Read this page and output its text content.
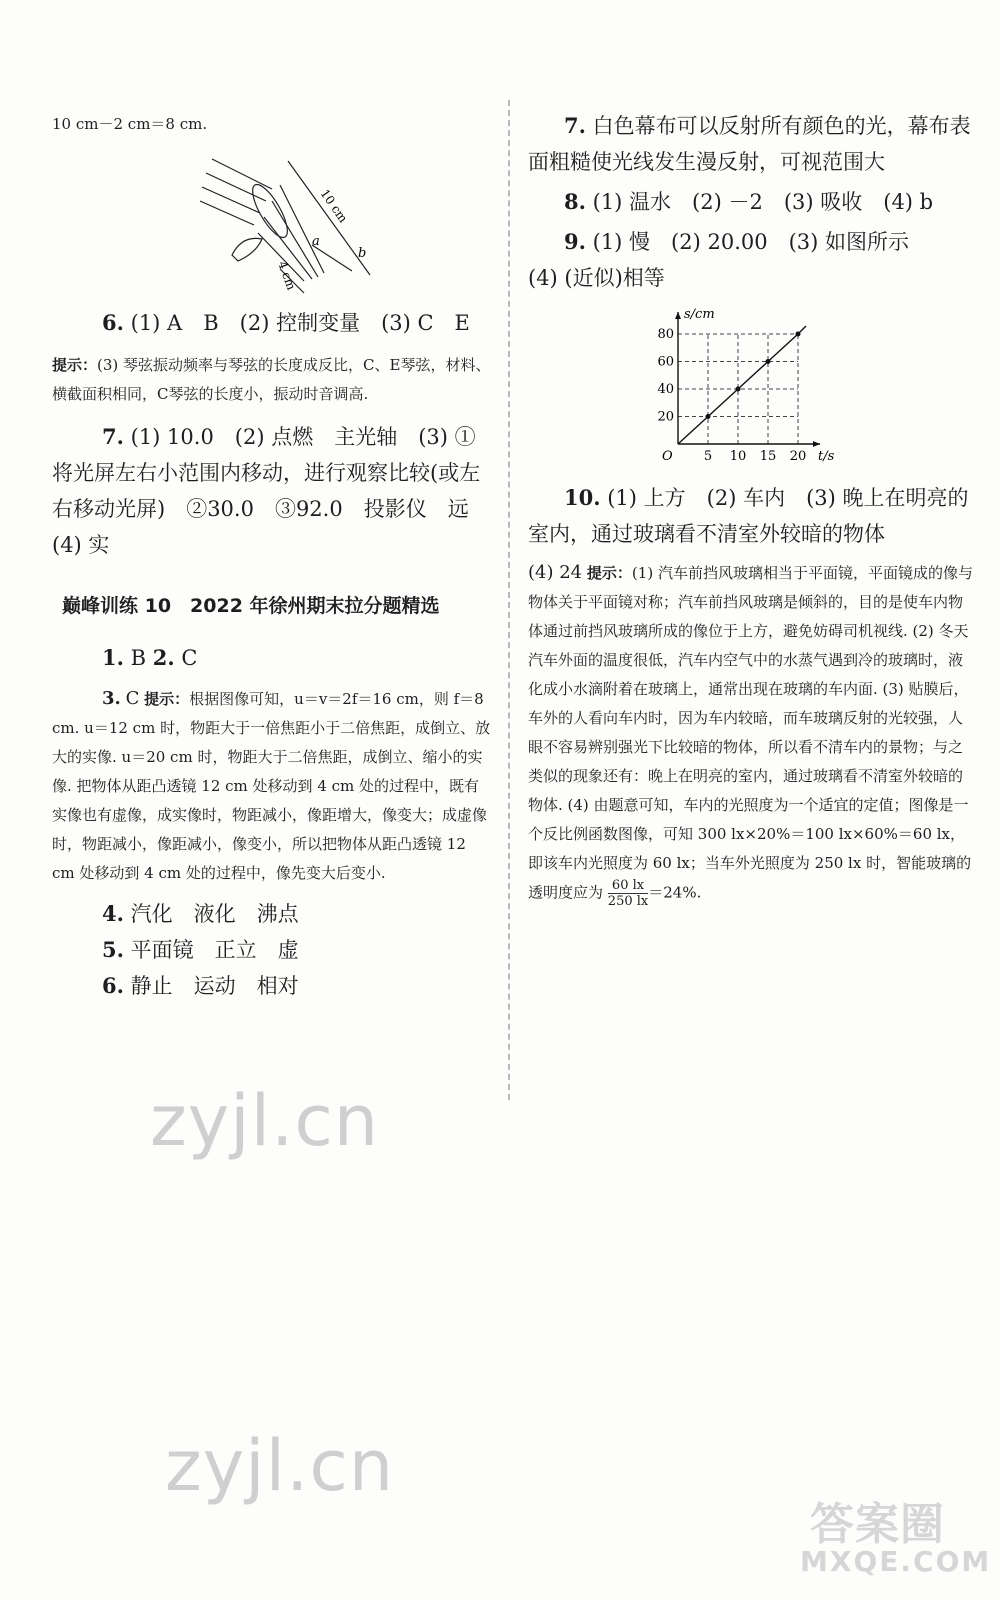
10 cm－2 cm＝8 cm.

10 cm
a
b
4 cm

6. (1) A　B　(2) 控制变量　(3) C　E

提示：(3) 琴弦振动频率与琴弦的长度成反比，C、E琴弦，材料、横截面积相同，C琴弦的长度小，振动时音调高.

7. (1) 10.0　(2) 点燃　主光轴　(3) ①将光屏左右小范围内移动，进行观察比较(或左右移动光屏)　②30.0　③92.0　投影仪　远　(4) 实

巅峰训练 10　2022 年徐州期末拉分题精选

1. B 2. C

3. C 提示：根据图像可知，u＝v＝2f＝16 cm，则 f＝8 cm. u＝12 cm 时，物距大于一倍焦距小于二倍焦距，成倒立、放大的实像. u＝20 cm 时，物距大于二倍焦距，成倒立、缩小的实像. 把物体从距凸透镜 12 cm 处移动到 4 cm 处的过程中，既有实像也有虚像，成实像时，物距减小，像距增大，像变大；成虚像时，物距减小，像距减小，像变小，所以把物体从距凸透镜 12 cm 处移动到 4 cm 处的过程中，像先变大后变小.

4. 汽化　液化　沸点

5. 平面镜　正立　虚

6. 静止　运动　相对

7. 白色幕布可以反射所有颜色的光，幕布表面粗糙使光线发生漫反射，可视范围大

8. (1) 温水　(2) －2　(3) 吸收　(4) b

9. (1) 慢　(2) 20.00　(3) 如图所示

(4) (近似)相等

5 10 15 20
20
40
60
80
t/s
s/cm
O

10. (1) 上方　(2) 车内　(3) 晚上在明亮的室内，通过玻璃看不清室外较暗的物体

(4) 24 提示：(1) 汽车前挡风玻璃相当于平面镜，平面镜成的像与物体关于平面镜对称；汽车前挡风玻璃是倾斜的，目的是使车内物体通过前挡风玻璃所成的像位于上方，避免妨碍司机视线. (2) 冬天汽车外面的温度很低，汽车内空气中的水蒸气遇到冷的玻璃时，液化成小水滴附着在玻璃上，通常出现在玻璃的车内面. (3) 贴膜后，车外的人看向车内时，因为车内较暗，而车玻璃反射的光较强，人眼不容易辨别强光下比较暗的物体，所以看不清车内的景物；与之类似的现象还有：晚上在明亮的室内，通过玻璃看不清室外较暗的物体. (4) 由题意可知，车内的光照度为一个适宜的定值；图像是一个反比例函数图像，可知 300 lx×20%＝100 lx×60%＝60 lx，即该车内光照度为 60 lx；当车外光照度为 250 lx 时，智能玻璃的透明度应为 $\frac{60 lx}{250 lx} =24\%$.

zyjl.cn
zyjl.cn
答案圈
MXQE.COM
